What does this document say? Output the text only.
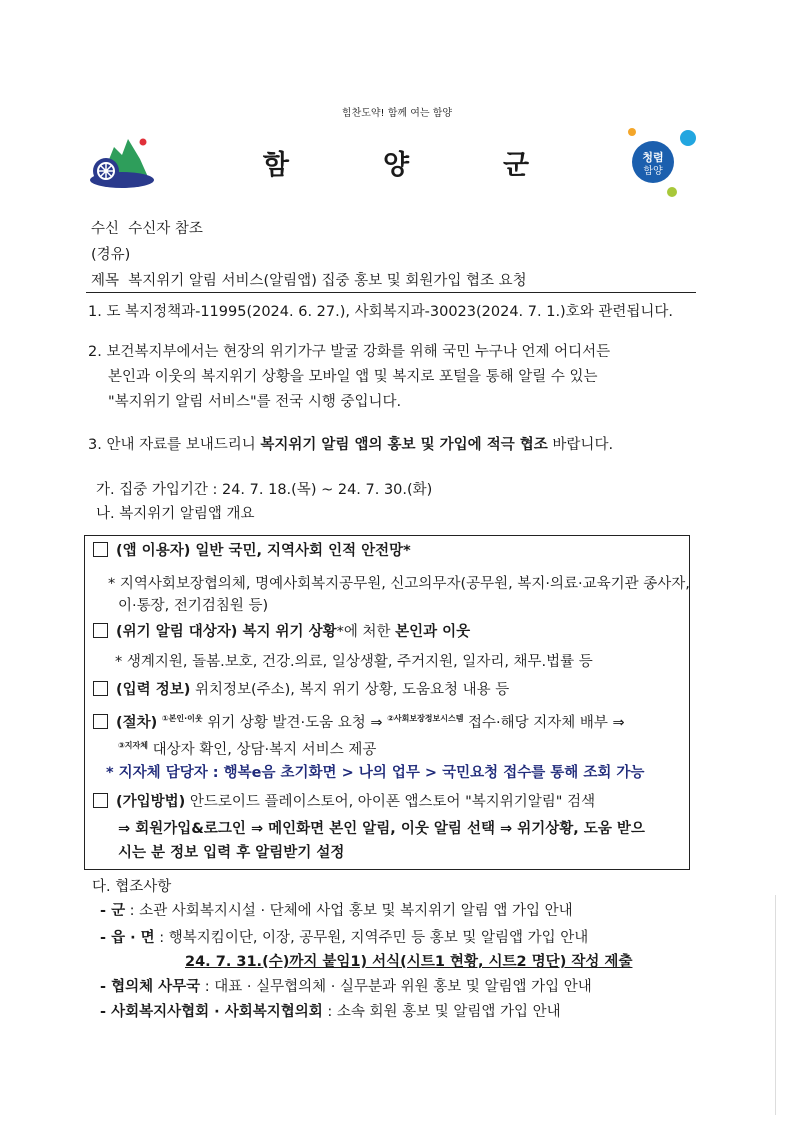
힘찬도약! 함께 여는 함양
함	양	군	청렴
함양
수신 수신자 참조
(경유)
제목 복지위기 알림 서비스(알림앱) 집중 홍보 및 회원가입 협조 요청
1. 도 복지정책과-11995(2024. 6. 27.), 사회복지과-30023(2024. 7. 1.)호와 관련됩니다.
2. 보건복지부에서는 현장의 위기가구 발굴 강화를 위해 국민 누구나 언제 어디서든
본인과 이웃의 복지위기 상황을 모바일 앱 및 복지로 포털을 통해 알릴 수 있는
"복지위기 알림 서비스"를 전국 시행 중입니다.
3. 안내 자료를 보내드리니 복지위기 알림 앱의 홍보 및 가입에 적극 협조 바랍니다.
가. 집중 가입기간 : 24. 7. 18.(목) ~ 24. 7. 30.(화)
나. 복지위기 알림앱 개요
(앱 이용자) 일반 국민, 지역사회 인적 안전망*
* 지역사회보장협의체, 명예사회복지공무원, 신고의무자(공무원, 복지·의료·교육기관 종사자,
이·통장, 전기검침원 등)
(위기 알림 대상자) 복지 위기 상황*에 처한 본인과 이웃
* 생계지원, 돌봄.보호, 건강.의료, 일상생활, 주거지원, 일자리, 채무.법률 등
(입력 정보) 위치정보(주소), 복지 위기 상황, 도움요청 내용 등
(절차) $^{①본인\cdot 이웃}$ 위기 상황 발견·도움 요청 ⇒ $^{②사회보장정보시스템}$ 접수·해당 지자체 배부 ⇒
$^{③지자체}$ 대상자 확인, 상담·복지 서비스 제공
* 지자체 담당자 : 행복e음 초기화면 > 나의 업무 > 국민요청 접수를 통해 조회 가능
(가입방법) 안드로이드 플레이스토어, 아이폰 앱스토어 "복지위기알림" 검색
⇒ 회원가입&로그인 ⇒ 메인화면 본인 알림, 이웃 알림 선택 ⇒ 위기상황, 도움 받으
시는 분 정보 입력 후 알림받기 설정
다. 협조사항
- 군 : 소관 사회복지시설 · 단체에 사업 홍보 및 복지위기 알림 앱 가입 안내
- 읍 · 면 : 행복지킴이단, 이장, 공무원, 지역주민 등 홍보 및 알림앱 가입 안내
24. 7. 31.(수)까지 붙임1) 서식(시트1 현황, 시트2 명단) 작성 제출
- 협의체 사무국 : 대표 · 실무협의체 · 실무분과 위원 홍보 및 알림앱 가입 안내
- 사회복지사협회 · 사회복지협의회 : 소속 회원 홍보 및 알림앱 가입 안내
